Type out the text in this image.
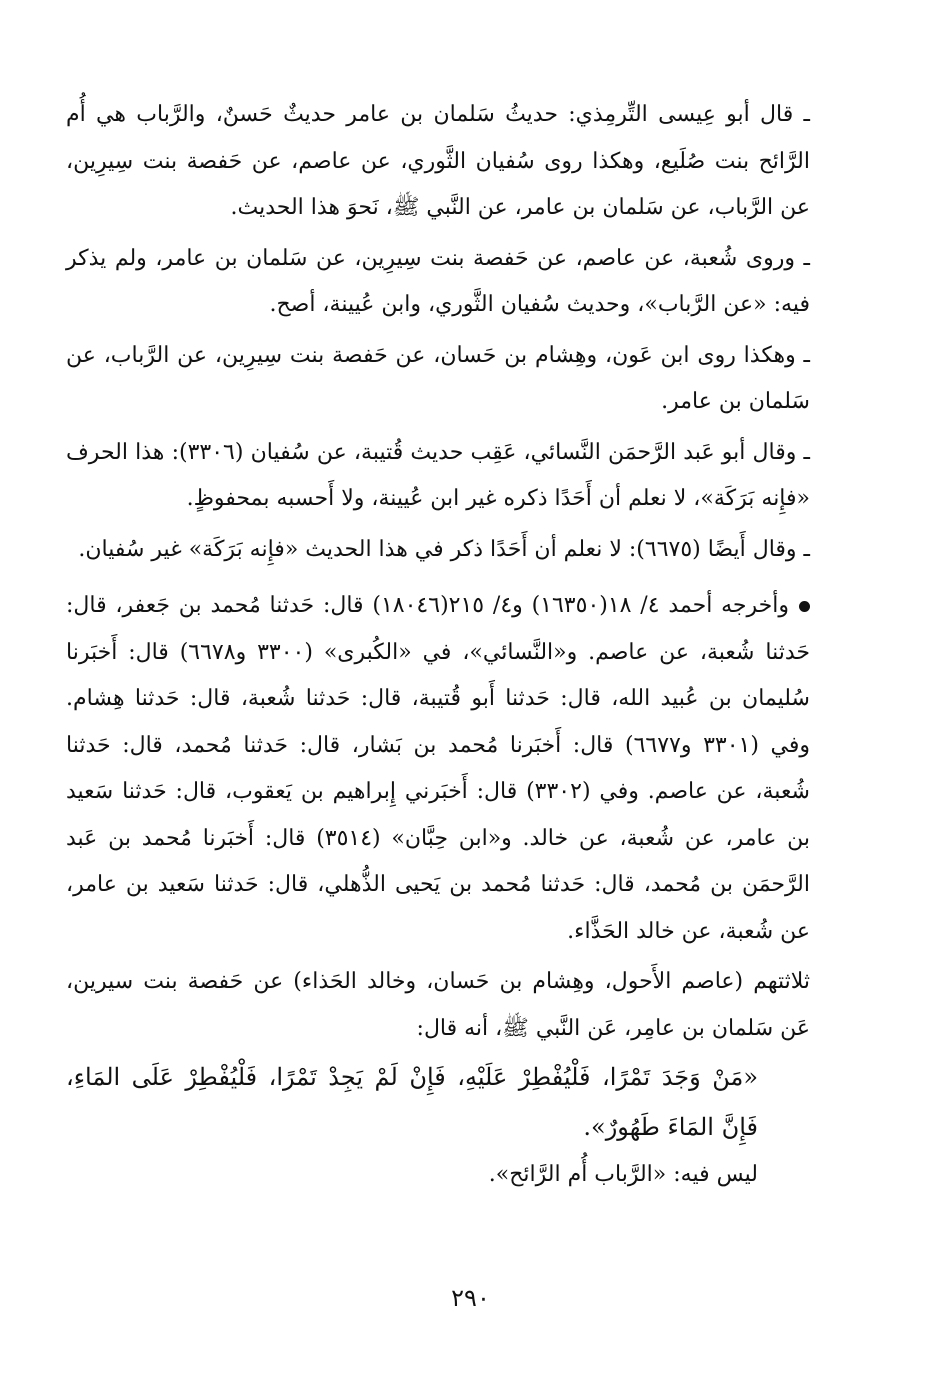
ـ قال أبو عِيسى التِّرمِذي: حديثُ سَلمان بن عامر حديثٌ حَسنٌ، والرَّباب هي أُم الرَّائح بنت صُلَيع، وهكذا روى سُفيان الثَّوري، عن عاصم، عن حَفصة بنت سِيرِين، عن الرَّباب، عن سَلمان بن عامر، عن النَّبي ﷺ، نَحوَ هذا الحديث.

ـ وروى شُعبة، عن عاصم، عن حَفصة بنت سِيرِين، عن سَلمان بن عامر، ولم يذكر فيه: «عن الرَّباب»، وحديث سُفيان الثَّوري، وابن عُيينة، أصح.

ـ وهكذا روى ابن عَون، وهِشام بن حَسان، عن حَفصة بنت سِيرِين، عن الرَّباب، عن سَلمان بن عامر.

ـ وقال أبو عَبد الرَّحمَن النَّسائي، عَقِب حديث قُتيبة، عن سُفيان (٣٣٠٦): هذا الحرف «فإِنه بَرَكَة»، لا نعلم أن أَحَدًا ذكره غير ابن عُيينة، ولا أَحسبه بمحفوظٍ.

ـ وقال أَيضًا (٦٦٧٥): لا نعلم أن أَحَدًا ذكر في هذا الحديث «فإِنه بَرَكَة» غير سُفيان.

وأخرجه أحمد ٤/ ١٨(١٦٣٥٠) و٤/ ٢١٥(١٨٠٤٦) قال: حَدثنا مُحمد بن جَعفر، قال: حَدثنا شُعبة، عن عاصم. و«النَّسائي»، في «الكُبرى» (٣٣٠٠ و٦٦٧٨) قال: أَخبَرنا سُليمان بن عُبيد الله، قال: حَدثنا أَبو قُتيبة، قال: حَدثنا شُعبة، قال: حَدثنا هِشام. وفي (٣٣٠١ و٦٦٧٧) قال: أَخبَرنا مُحمد بن بَشار، قال: حَدثنا مُحمد، قال: حَدثنا شُعبة، عن عاصم. وفي (٣٣٠٢) قال: أَخبَرني إِبراهيم بن يَعقوب، قال: حَدثنا سَعيد بن عامر، عن شُعبة، عن خالد. و«ابن حِبَّان» (٣٥١٤) قال: أَخبَرنا مُحمد بن عَبد الرَّحمَن بن مُحمد، قال: حَدثنا مُحمد بن يَحيى الذُّهلي، قال: حَدثنا سَعيد بن عامر، عن شُعبة، عن خالد الحَذَّاء.

ثلاثتهم (عاصم الأَحول، وهِشام بن حَسان، وخالد الحَذاء) عن حَفصة بنت سيرين، عَن سَلمان بن عامِر، عَن النَّبي ﷺ، أنه قال:

«مَنْ وَجَدَ تَمْرًا، فَلْيُفْطِرْ عَلَيْهِ، فَإِنْ لَمْ يَجِدْ تَمْرًا، فَلْيُفْطِرْ عَلَى المَاءِ، فَإِنَّ المَاءَ طَهُورٌ».

ليس فيه: «الرَّباب أُم الرَّائح».

٢٩٠
